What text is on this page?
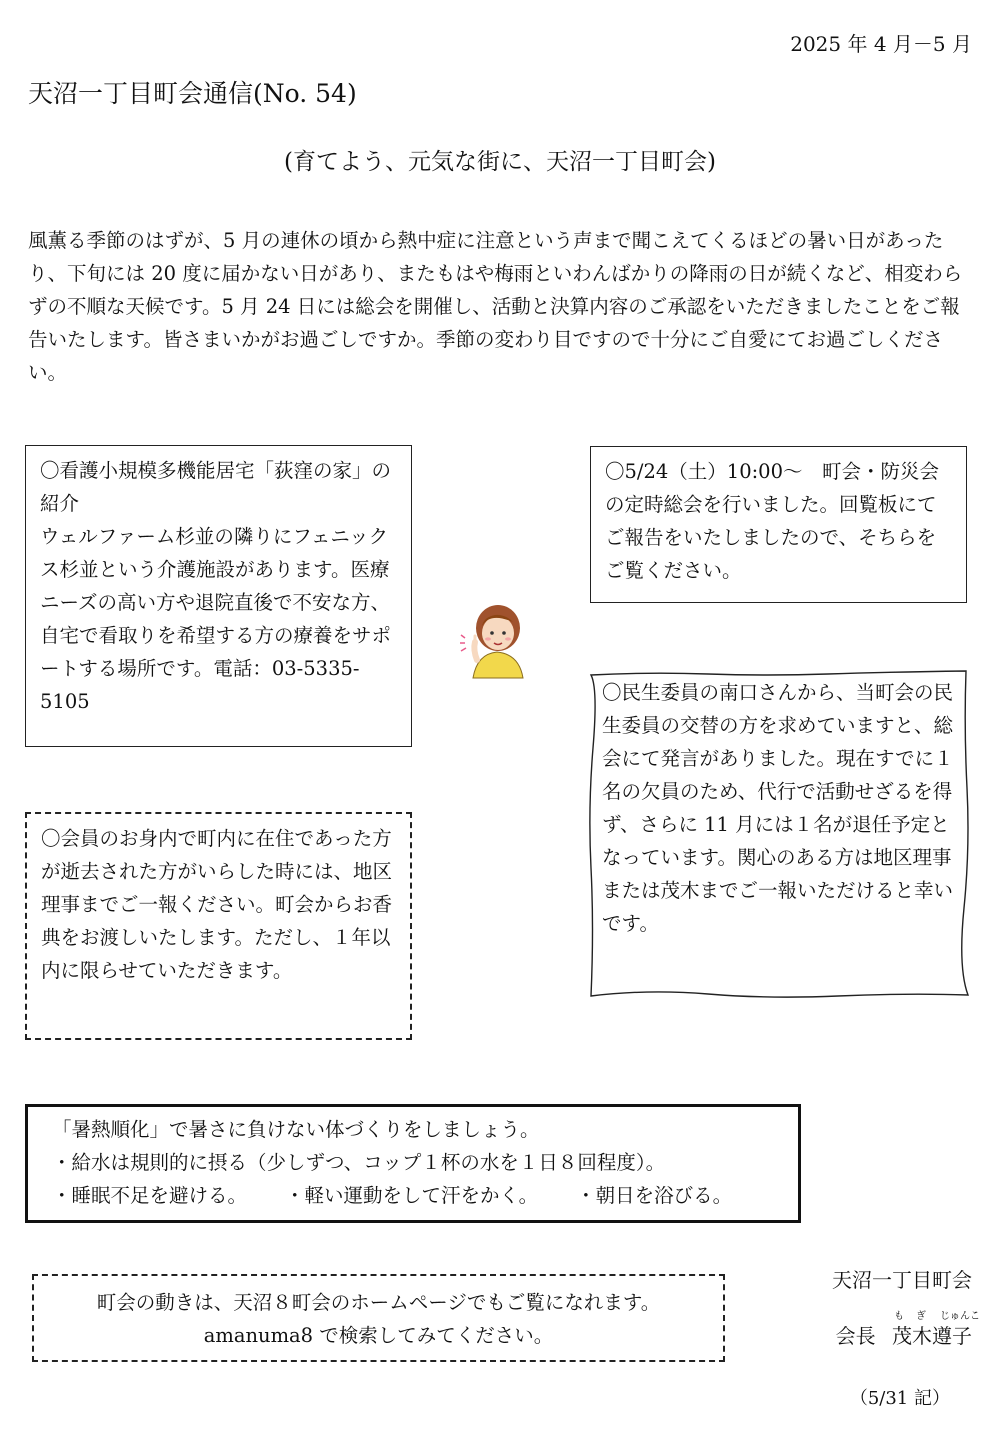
2025 年 4 月－5 月
天沼一丁目町会通信(No. 54)
(育てよう、元気な街に、天沼一丁目町会)

風薫る季節のはずが、5 月の連休の頃から熱中症に注意という声まで聞こえてくるほどの暑い日があったり、下旬には 20 度に届かない日があり、またもはや梅雨といわんばかりの降雨の日が続くなど、相変わらずの不順な天候です。5 月 24 日には総会を開催し、活動と決算内容のご承認をいただきましたことをご報告いたします。皆さまいかがお過ごしですか。季節の変わり目ですので十分にご自愛にてお過ごしください。

〇看護小規模多機能居宅「荻窪の家」の紹介

ウェルファーム杉並の隣りにフェニックス杉並という介護施設があります。医療ニーズの高い方や退院直後で不安な方、自宅で看取りを希望する方の療養をサポートする場所です。電話：03-5335-5105

〇5/24（土）10:00～　町会・防災会の定時総会を行いました。回覧板にてご報告をいたしましたので、そちらをご覧ください。

〇民生委員の南口さんから、当町会の民生委員の交替の方を求めていますと、総会にて発言がありました。現在すでに１名の欠員のため、代行で活動せざるを得ず、さらに 11 月には１名が退任予定となっています。関心のある方は地区理事または茂木までご一報いただけると幸いです。

〇会員のお身内で町内に在住であった方が逝去された方がいらした時には、地区理事までご一報ください。町会からお香典をお渡しいたします。ただし、１年以内に限らせていただきます。

「暑熱順化」で暑さに負けない体づくりをしましょう。
・給水は規則的に摂る（少しずつ、コップ１杯の水を１日８回程度）。
・睡眠不足を避ける。 ・軽い運動をして汗をかく。 ・朝日を浴びる。
町会の動きは、天沼８町会のホームページでもご覧になれます。
amanuma8 で検索してみてください。
天沼一丁目町会
会長
も ぎ じゅんこ
茂木遵子
（5/31 記）
